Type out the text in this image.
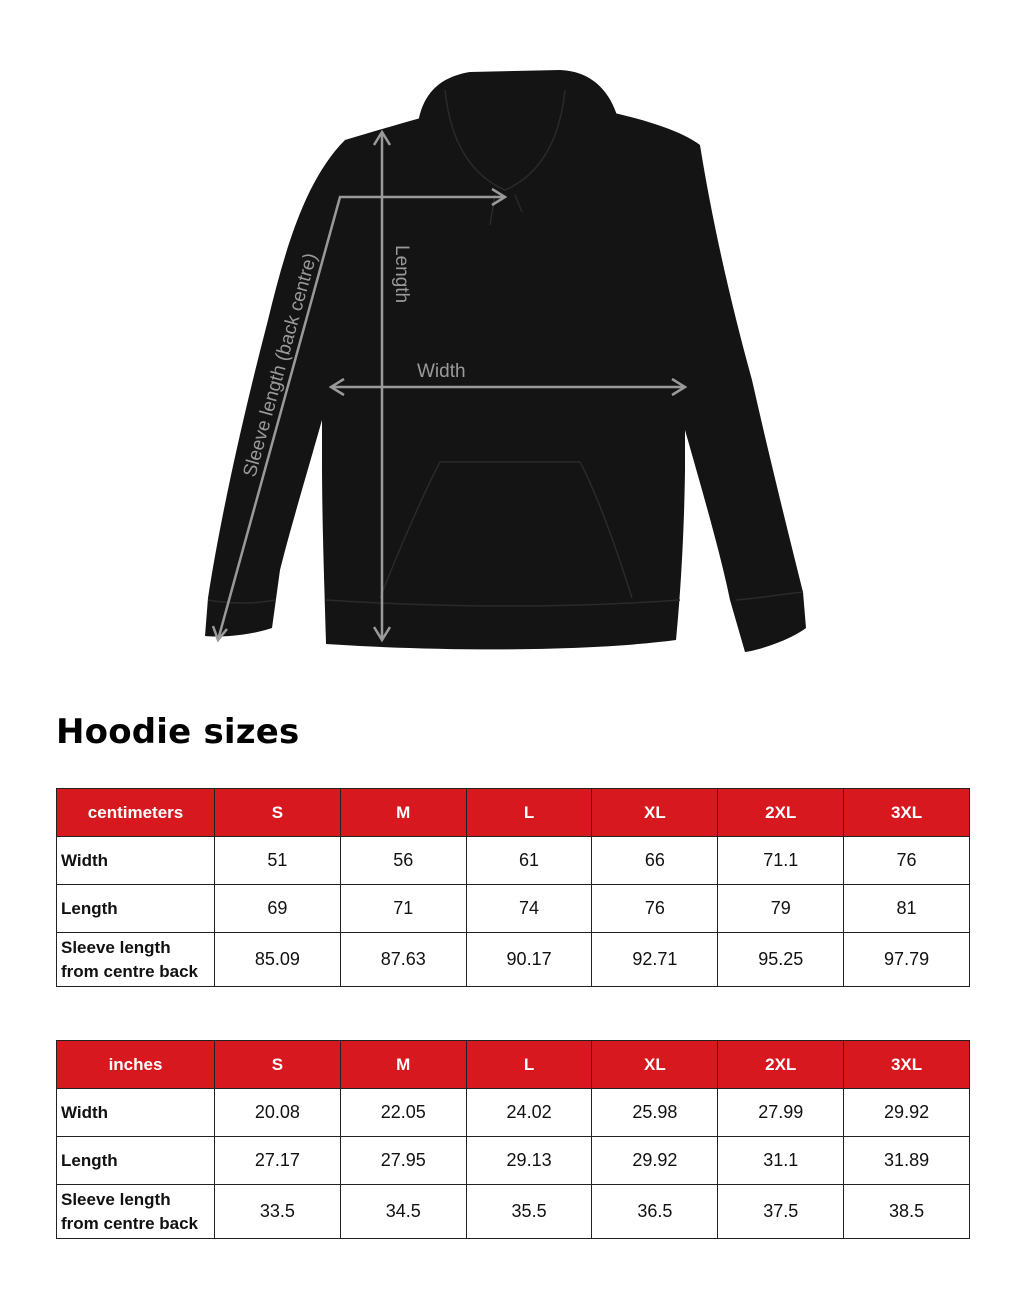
Length
Width
Sleeve length (back centre)
Hoodie sizes
centimeters	S	M	L	XL	2XL	3XL
Width	51	56	61	66	71.1	76
Length	69	71	74	76	79	81
Sleeve length
from centre back	85.09	87.63	90.17	92.71	95.25	97.79
inches	S	M	L	XL	2XL	3XL
Width	20.08	22.05	24.02	25.98	27.99	29.92
Length	27.17	27.95	29.13	29.92	31.1	31.89
Sleeve length
from centre back	33.5	34.5	35.5	36.5	37.5	38.5
